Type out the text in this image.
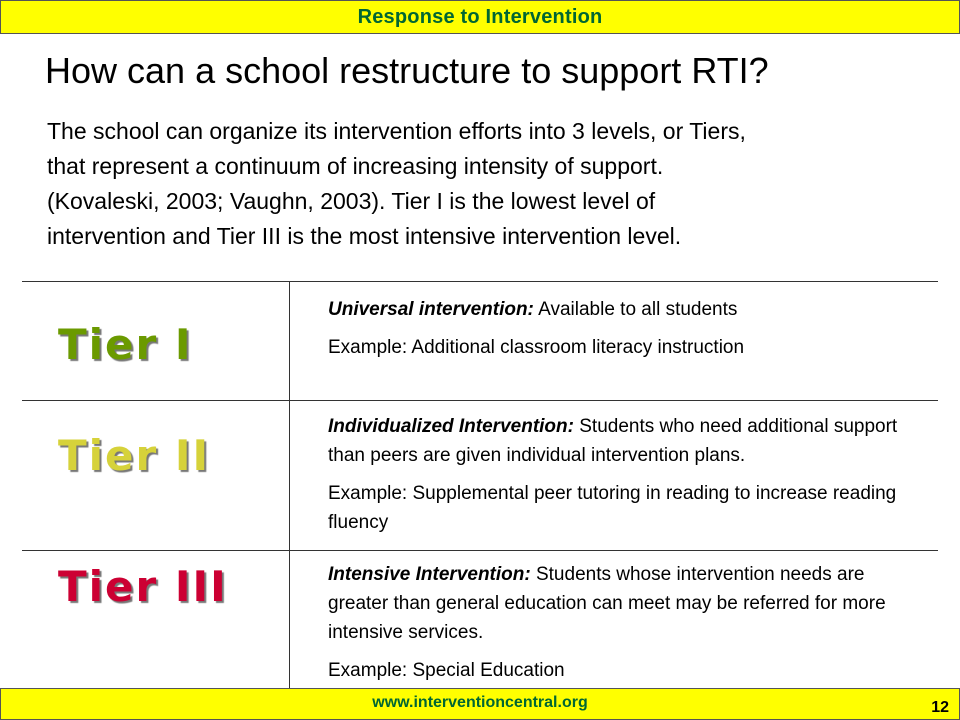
Response to Intervention
How can a school restructure to support RTI?
The school can organize its intervention efforts into 3 levels, or Tiers,
that represent a continuum of increasing intensity of support.
(Kovaleski, 2003; Vaughn, 2003). Tier I is the lowest level of
intervention and Tier III is the most intensive intervention level.
Tier I

Universal intervention: Available to all students

Example: Additional classroom literacy instruction

Tier II

Individualized Intervention: Students who need additional support than peers are given individual intervention plans.

Example: Supplemental peer tutoring in reading to increase reading fluency

Tier III	Intensive Intervention: Students whose intervention needs are greater than general education can meet may be referred for more intensive services.

Example: Special Education

www.interventioncentral.org	12
